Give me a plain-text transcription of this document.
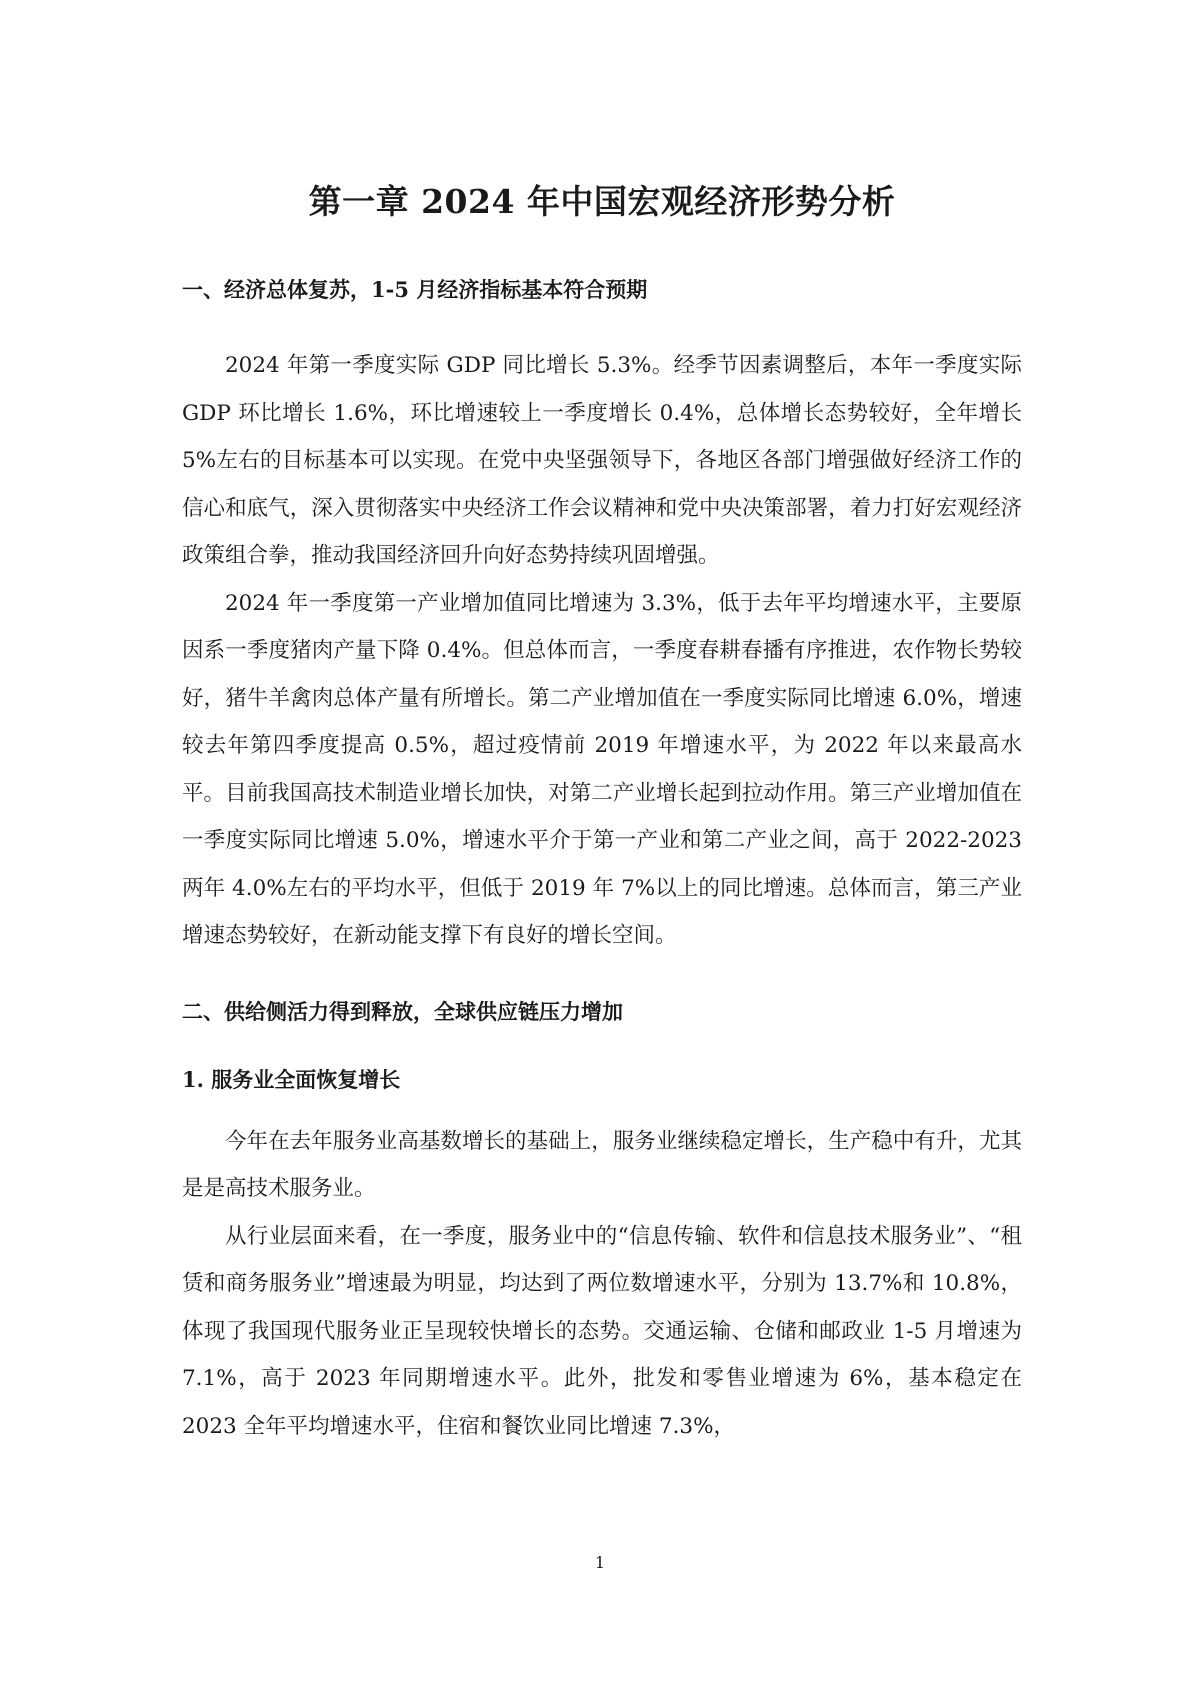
第一章 2024 年中国宏观经济形势分析
一、经济总体复苏，1-5 月经济指标基本符合预期

2024 年第一季度实际 GDP 同比增长 5.3%。经季节因素调整后，本年一季度实际 GDP 环比增长 1.6%，环比增速较上一季度增长 0.4%，总体增长态势较好，全年增长 5%左右的目标基本可以实现。在党中央坚强领导下，各地区各部门增强做好经济工作的信心和底气，深入贯彻落实中央经济工作会议精神和党中央决策部署，着力打好宏观经济政策组合拳，推动我国经济回升向好态势持续巩固增强。

2024 年一季度第一产业增加值同比增速为 3.3%，低于去年平均增速水平，主要原因系一季度猪肉产量下降 0.4%。但总体而言，一季度春耕春播有序推进，农作物长势较好，猪牛羊禽肉总体产量有所增长。第二产业增加值在一季度实际同比增速 6.0%，增速较去年第四季度提高 0.5%，超过疫情前 2019 年增速水平，为 2022 年以来最高水平。目前我国高技术制造业增长加快，对第二产业增长起到拉动作用。第三产业增加值在一季度实际同比增速 5.0%，增速水平介于第一产业和第二产业之间，高于 2022-2023 两年 4.0%左右的平均水平，但低于 2019 年 7%以上的同比增速。总体而言，第三产业增速态势较好，在新动能支撑下有良好的增长空间。

二、供给侧活力得到释放，全球供应链压力增加
1. 服务业全面恢复增长

今年在去年服务业高基数增长的基础上，服务业继续稳定增长，生产稳中有升，尤其是是高技术服务业。

从行业层面来看，在一季度，服务业中的“信息传输、软件和信息技术服务业”、“租赁和商务服务业”增速最为明显，均达到了两位数增速水平，分别为 13.7%和 10.8%，体现了我国现代服务业正呈现较快增长的态势。交通运输、仓储和邮政业 1-5 月增速为 7.1%，高于 2023 年同期增速水平。此外，批发和零售业增速为 6%，基本稳定在 2023 全年平均增速水平，住宿和餐饮业同比增速 7.3%，

1
